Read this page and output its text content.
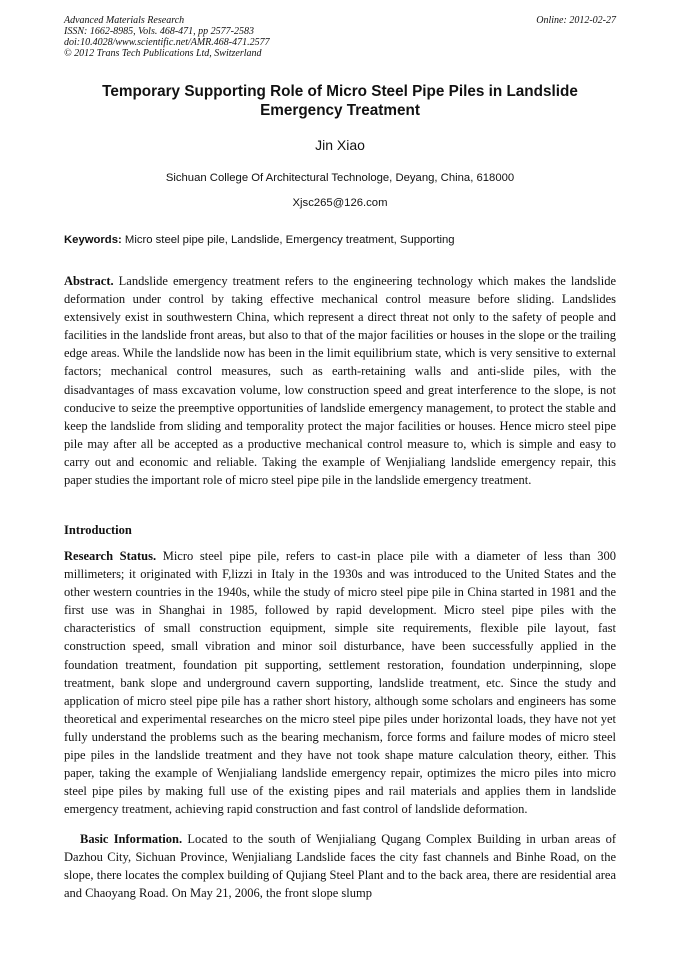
Advanced Materials Research
ISSN: 1662-8985, Vols. 468-471, pp 2577-2583
doi:10.4028/www.scientific.net/AMR.468-471.2577
© 2012 Trans Tech Publications Ltd, Switzerland
Online: 2012-02-27
Temporary Supporting Role of Micro Steel Pipe Piles in Landslide Emergency Treatment
Jin Xiao
Sichuan College Of Architectural Technologe, Deyang, China, 618000
Xjsc265@126.com
Keywords: Micro steel pipe pile, Landslide, Emergency treatment, Supporting
Abstract. Landslide emergency treatment refers to the engineering technology which makes the landslide deformation under control by taking effective mechanical control measure before sliding. Landslides extensively exist in southwestern China, which represent a direct threat not only to the safety of people and facilities in the landslide front areas, but also to that of the major facilities or houses in the slope or the trailing edge areas. While the landslide now has been in the limit equilibrium state, which is very sensitive to external factors; mechanical control measures, such as earth-retaining walls and anti-slide piles, with the disadvantages of mass excavation volume, low construction speed and great interference to the slope, is not conducive to seize the preemptive opportunities of landslide emergency management, to protect the stable and keep the landslide from sliding and temporality protect the major facilities or houses. Hence micro steel pipe pile may after all be accepted as a productive mechanical control measure to, which is simple and easy to carry out and economic and reliable. Taking the example of Wenjialiang landslide emergency repair, this paper studies the important role of micro steel pipe pile in the landslide emergency treatment.
Introduction
Research Status. Micro steel pipe pile, refers to cast-in place pile with a diameter of less than 300 millimeters; it originated with F,lizzi in Italy in the 1930s and was introduced to the United States and the other western countries in the 1940s, while the study of micro steel pipe pile in China started in 1981 and the first use was in Shanghai in 1985, followed by rapid development. Micro steel pipe piles with the characteristics of small construction equipment, simple site requirements, flexible pile layout, fast construction speed, small vibration and minor soil disturbance, have been successfully applied in the foundation treatment, foundation pit supporting, settlement restoration, foundation underpinning, slope treatment, bank slope and underground cavern supporting, landslide treatment, etc. Since the study and application of micro steel pipe pile has a rather short history, although some scholars and engineers has some theoretical and experimental researches on the micro steel pipe piles under horizontal loads, they have not yet fully understand the problems such as the bearing mechanism, force forms and failure modes of micro steel pipe piles in the landslide treatment and they have not took shape mature calculation theory, either. This paper, taking the example of Wenjialiang landslide emergency repair, optimizes the micro piles into micro steel pipe piles by making full use of the existing pipes and rail materials and applies them in landslide emergency treatment, achieving rapid construction and fast control of landslide deformation.
Basic Information. Located to the south of Wenjialiang Qugang Complex Building in urban areas of Dazhou City, Sichuan Province, Wenjialiang Landslide faces the city fast channels and Binhe Road, on the slope, there locates the complex building of Qujiang Steel Plant and to the back area, there are residential area and Chaoyang Road. On May 21, 2006, the front slope slump
